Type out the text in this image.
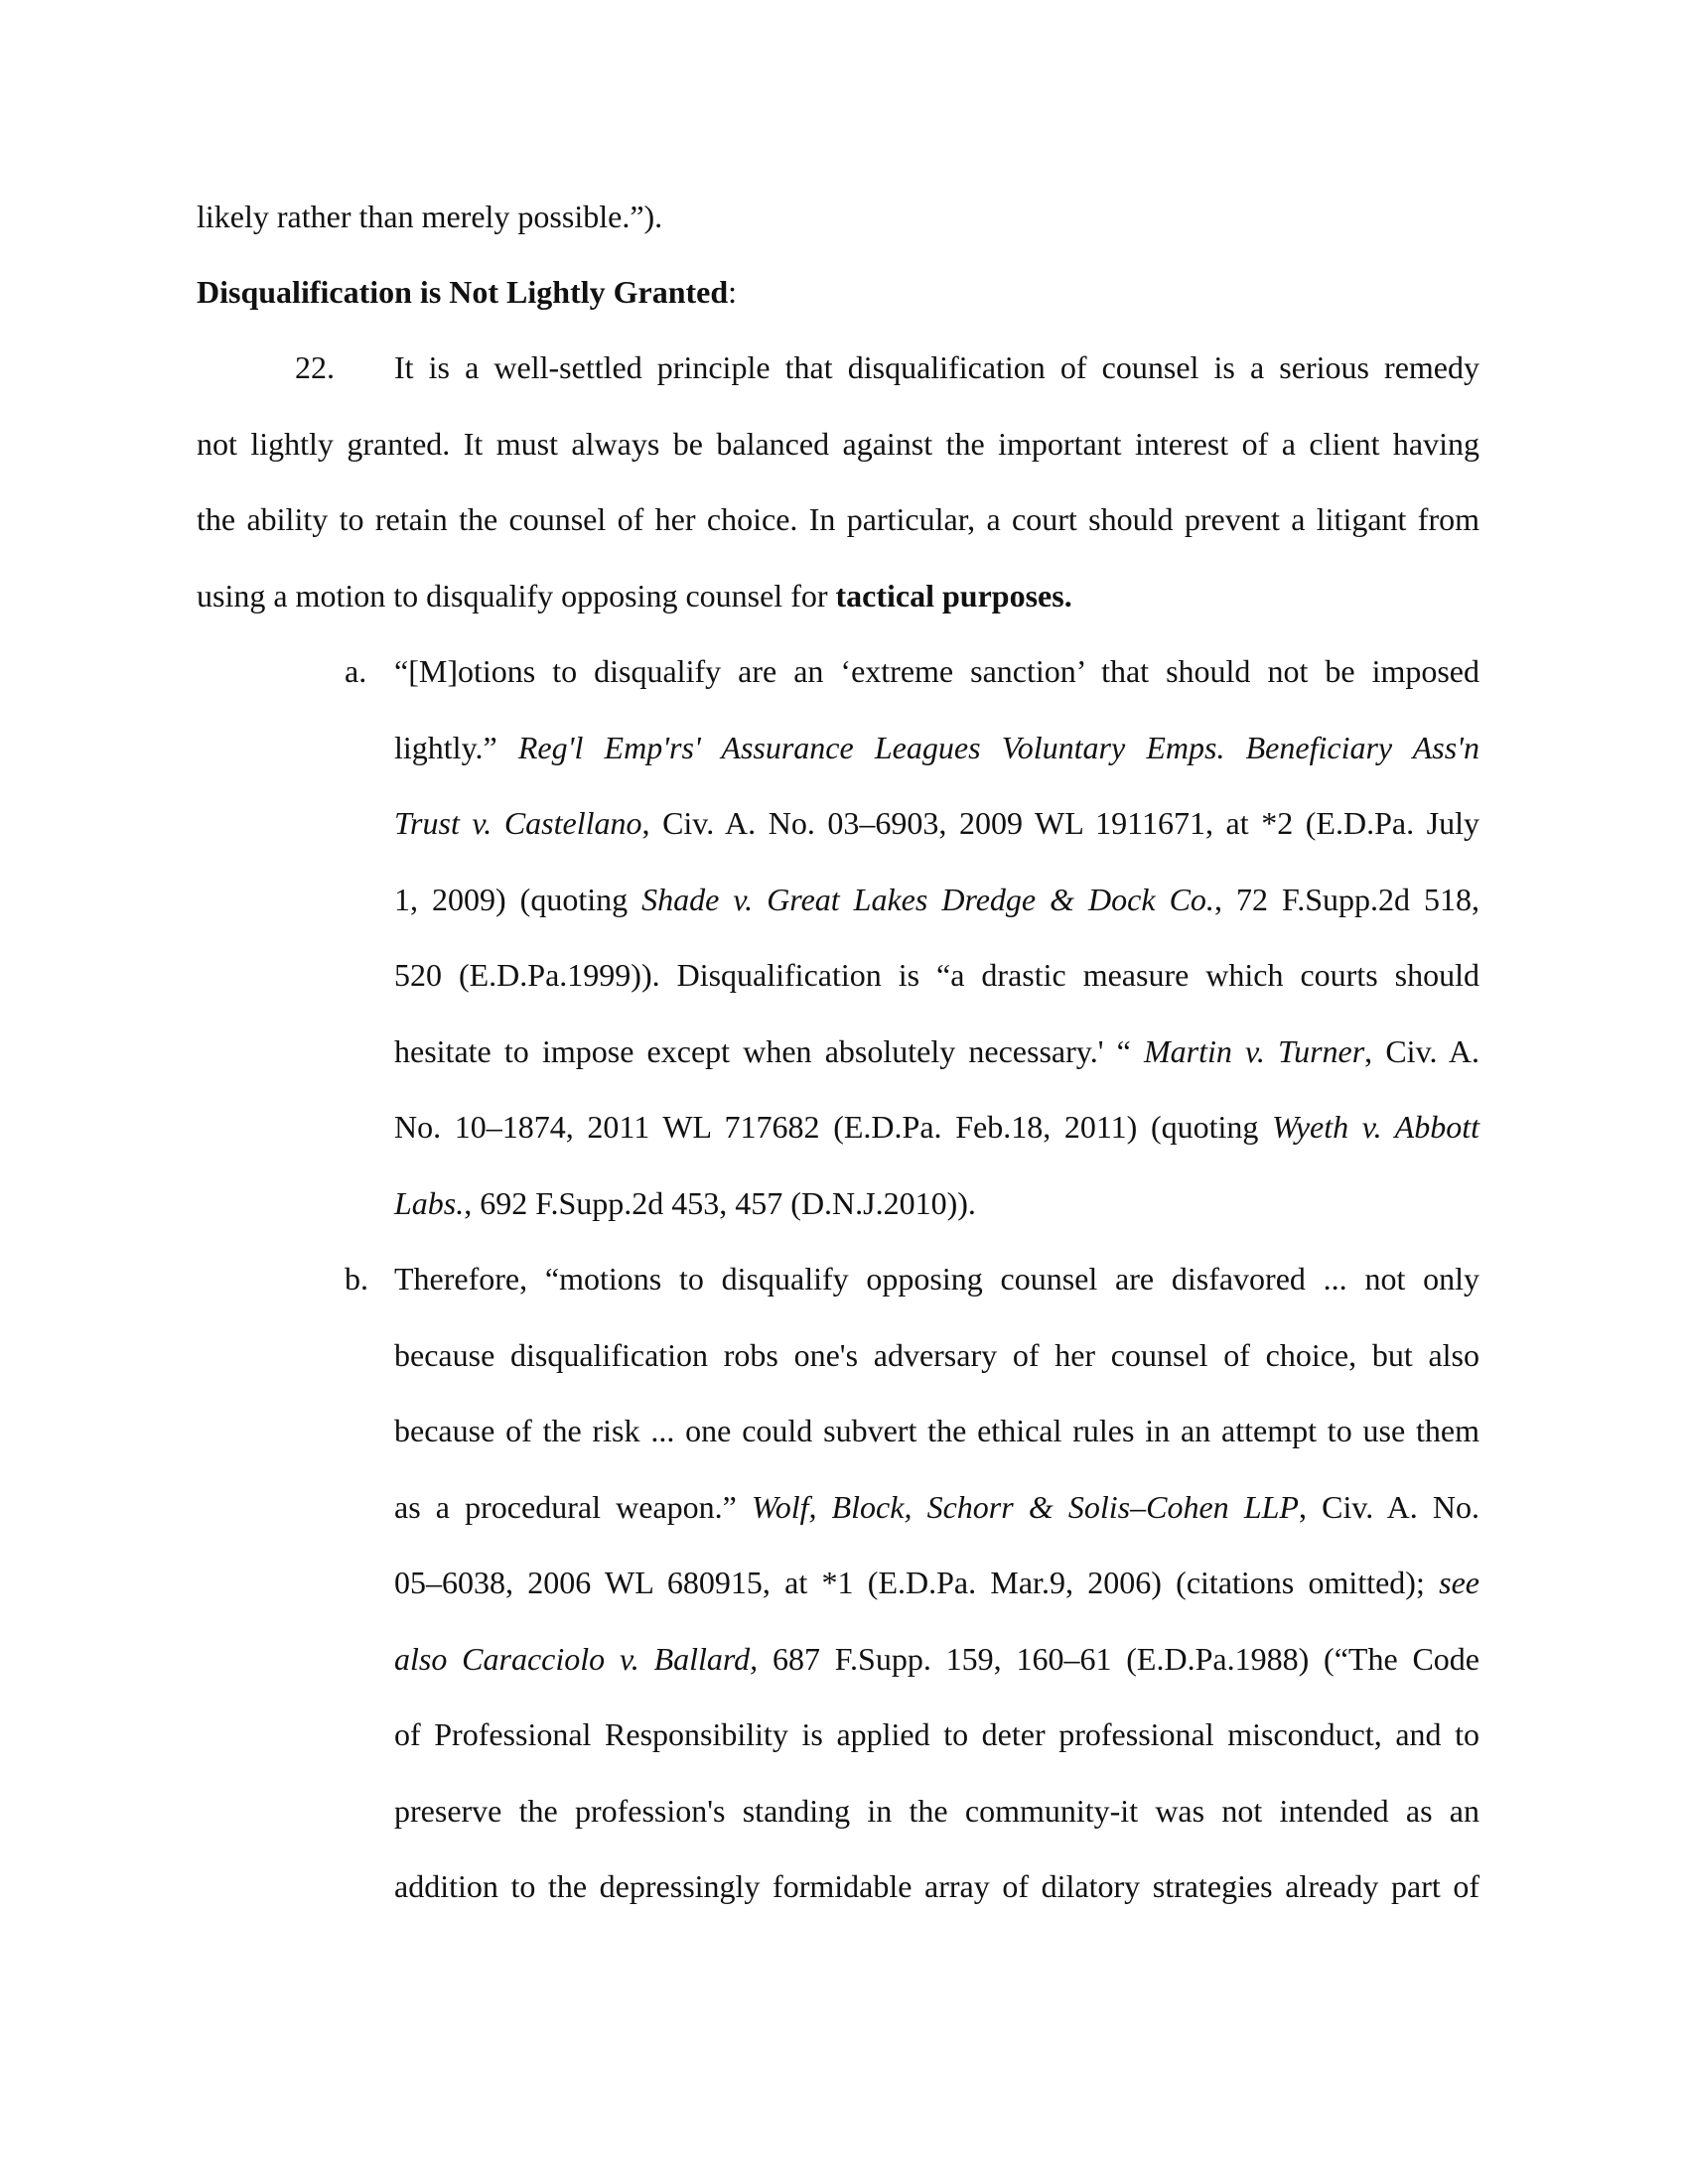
likely rather than merely possible.”).
Disqualification is Not Lightly Granted:
22. It is a well-settled principle that disqualification of counsel is a serious remedy
not lightly granted. It must always be balanced against the important interest of a client having
the ability to retain the counsel of her choice. In particular, a court should prevent a litigant from
using a motion to disqualify opposing counsel for tactical purposes.
a. “[M]otions to disqualify are an ‘extreme sanction’ that should not be imposed
lightly.” Reg'l Emp'rs' Assurance Leagues Voluntary Emps. Beneficiary Ass'n
Trust v. Castellano, Civ. A. No. 03–6903, 2009 WL 1911671, at *2 (E.D.Pa. July
1, 2009) (quoting Shade v. Great Lakes Dredge & Dock Co., 72 F.Supp.2d 518,
520 (E.D.Pa.1999)). Disqualification is “a drastic measure which courts should
hesitate to impose except when absolutely necessary.' “ Martin v. Turner, Civ. A.
No. 10–1874, 2011 WL 717682 (E.D.Pa. Feb.18, 2011) (quoting Wyeth v. Abbott
Labs., 692 F.Supp.2d 453, 457 (D.N.J.2010)).
b. Therefore, “motions to disqualify opposing counsel are disfavored ... not only
because disqualification robs one's adversary of her counsel of choice, but also
because of the risk ... one could subvert the ethical rules in an attempt to use them
as a procedural weapon.” Wolf, Block, Schorr & Solis–Cohen LLP, Civ. A. No.
05–6038, 2006 WL 680915, at *1 (E.D.Pa. Mar.9, 2006) (citations omitted); see
also Caracciolo v. Ballard, 687 F.Supp. 159, 160–61 (E.D.Pa.1988) (“The Code
of Professional Responsibility is applied to deter professional misconduct, and to
preserve the profession's standing in the community-it was not intended as an
addition to the depressingly formidable array of dilatory strategies already part of
